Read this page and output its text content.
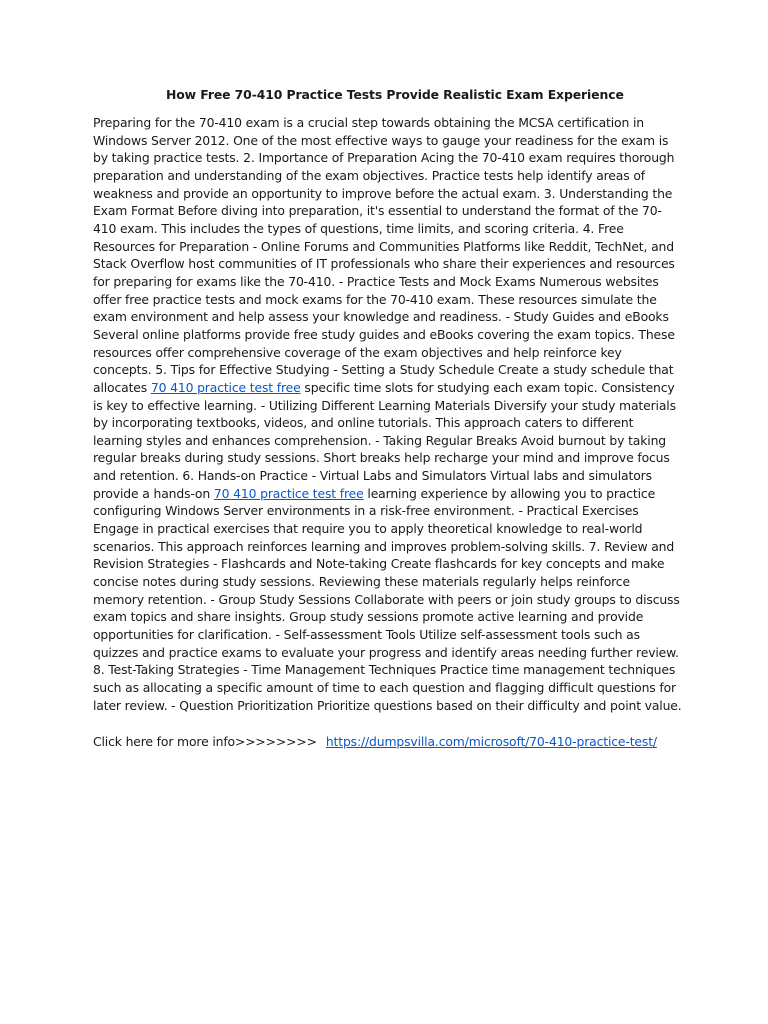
How Free 70-410 Practice Tests Provide Realistic Exam Experience

Preparing for the 70-410 exam is a crucial step towards obtaining the MCSA certification in Windows Server 2012. One of the most effective ways to gauge your readiness for the exam is by taking practice tests. 2. Importance of Preparation Acing the 70-410 exam requires thorough preparation and understanding of the exam objectives. Practice tests help identify areas of weakness and provide an opportunity to improve before the actual exam. 3. Understanding the Exam Format Before diving into preparation, it's essential to understand the format of the 70-410 exam. This includes the types of questions, time limits, and scoring criteria. 4. Free Resources for Preparation - Online Forums and Communities Platforms like Reddit, TechNet, and Stack Overflow host communities of IT professionals who share their experiences and resources for preparing for exams like the 70-410. - Practice Tests and Mock Exams Numerous websites offer free practice tests and mock exams for the 70-410 exam. These resources simulate the exam environment and help assess your knowledge and readiness. - Study Guides and eBooks Several online platforms provide free study guides and eBooks covering the exam topics. These resources offer comprehensive coverage of the exam objectives and help reinforce key concepts. 5. Tips for Effective Studying - Setting a Study Schedule Create a study schedule that allocates 70 410 practice test free specific time slots for studying each exam topic. Consistency is key to effective learning. - Utilizing Different Learning Materials Diversify your study materials by incorporating textbooks, videos, and online tutorials. This approach caters to different learning styles and enhances comprehension. - Taking Regular Breaks Avoid burnout by taking regular breaks during study sessions. Short breaks help recharge your mind and improve focus and retention. 6. Hands-on Practice - Virtual Labs and Simulators Virtual labs and simulators provide a hands-on 70 410 practice test free learning experience by allowing you to practice configuring Windows Server environments in a risk-free environment. - Practical Exercises Engage in practical exercises that require you to apply theoretical knowledge to real-world scenarios. This approach reinforces learning and improves problem-solving skills. 7. Review and Revision Strategies - Flashcards and Note-taking Create flashcards for key concepts and make concise notes during study sessions. Reviewing these materials regularly helps reinforce memory retention. - Group Study Sessions Collaborate with peers or join study groups to discuss exam topics and share insights. Group study sessions promote active learning and provide opportunities for clarification. - Self-assessment Tools Utilize self-assessment tools such as quizzes and practice exams to evaluate your progress and identify areas needing further review. 8. Test-Taking Strategies - Time Management Techniques Practice time management techniques such as allocating a specific amount of time to each question and flagging difficult questions for later review. - Question Prioritization Prioritize questions based on their difficulty and point value.

Click here for more info>>>>>>>> https://dumpsvilla.com/microsoft/70-410-practice-test/
